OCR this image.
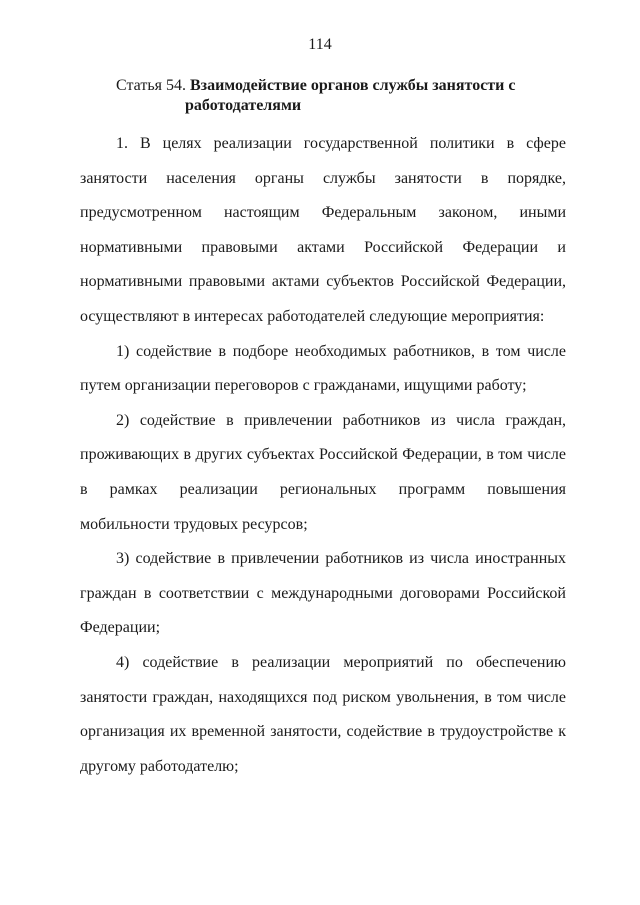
114
Статья 54. Взаимодействие органов службы занятости с
работодателями

1. В целях реализации государственной политики в сфере занятости населения органы службы занятости в порядке, предусмотренном настоящим Федеральным законом, иными нормативными правовыми актами Российской Федерации и нормативными правовыми актами субъектов Российской Федерации, осуществляют в интересах работодателей следующие мероприятия:

1) содействие в подборе необходимых работников, в том числе путем организации переговоров с гражданами, ищущими работу;

2) содействие в привлечении работников из числа граждан, проживающих в других субъектах Российской Федерации, в том числе в рамках реализации региональных программ повышения мобильности трудовых ресурсов;

3) содействие в привлечении работников из числа иностранных граждан в соответствии с международными договорами Российской Федерации;

4) содействие в реализации мероприятий по обеспечению занятости граждан, находящихся под риском увольнения, в том числе организация их временной занятости, содействие в трудоустройстве к другому работодателю;
